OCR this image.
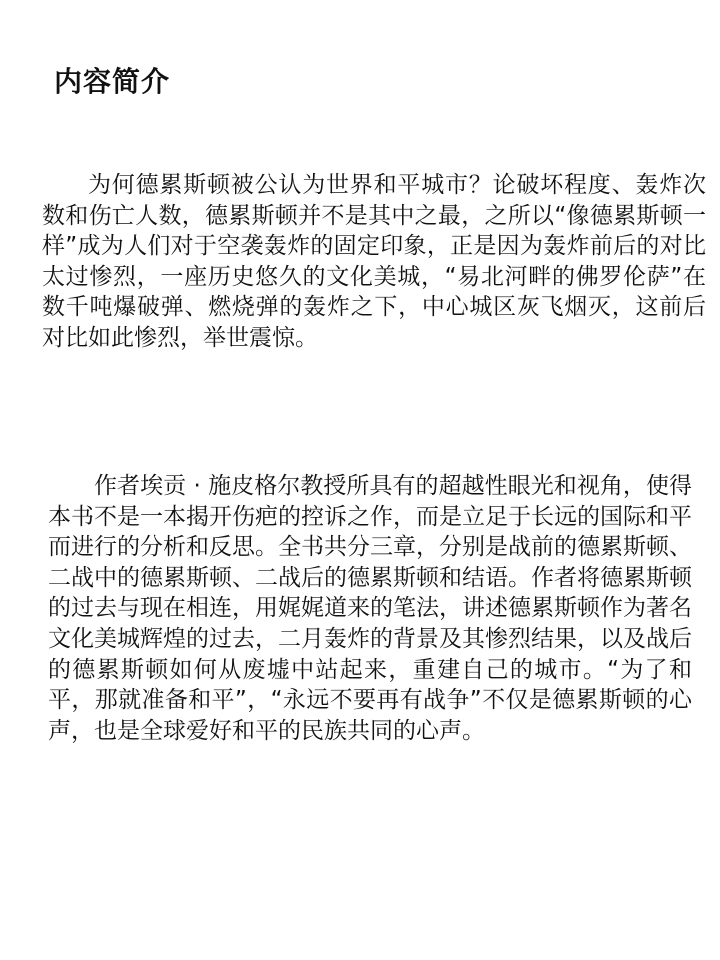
内容简介

为何德累斯顿被公认为世界和平城市？论破坏程度、轰炸次数和伤亡人数，德累斯顿并不是其中之最，之所以“像德累斯顿一样”成为人们对于空袭轰炸的固定印象，正是因为轰炸前后的对比太过惨烈，一座历史悠久的文化美城，“易北河畔的佛罗伦萨”在数千吨爆破弹、燃烧弹的轰炸之下，中心城区灰飞烟灭，这前后对比如此惨烈，举世震惊。

作者埃贡 · 施皮格尔教授所具有的超越性眼光和视角，使得本书不是一本揭开伤疤的控诉之作，而是立足于长远的国际和平而进行的分析和反思。全书共分三章，分别是战前的德累斯顿、二战中的德累斯顿、二战后的德累斯顿和结语。作者将德累斯顿的过去与现在相连，用娓娓道来的笔法，讲述德累斯顿作为著名文化美城辉煌的过去，二月轰炸的背景及其惨烈结果，以及战后的德累斯顿如何从废墟中站起来，重建自己的城市。“为了和平，那就准备和平”，“永远不要再有战争”不仅是德累斯顿的心声，也是全球爱好和平的民族共同的心声。
